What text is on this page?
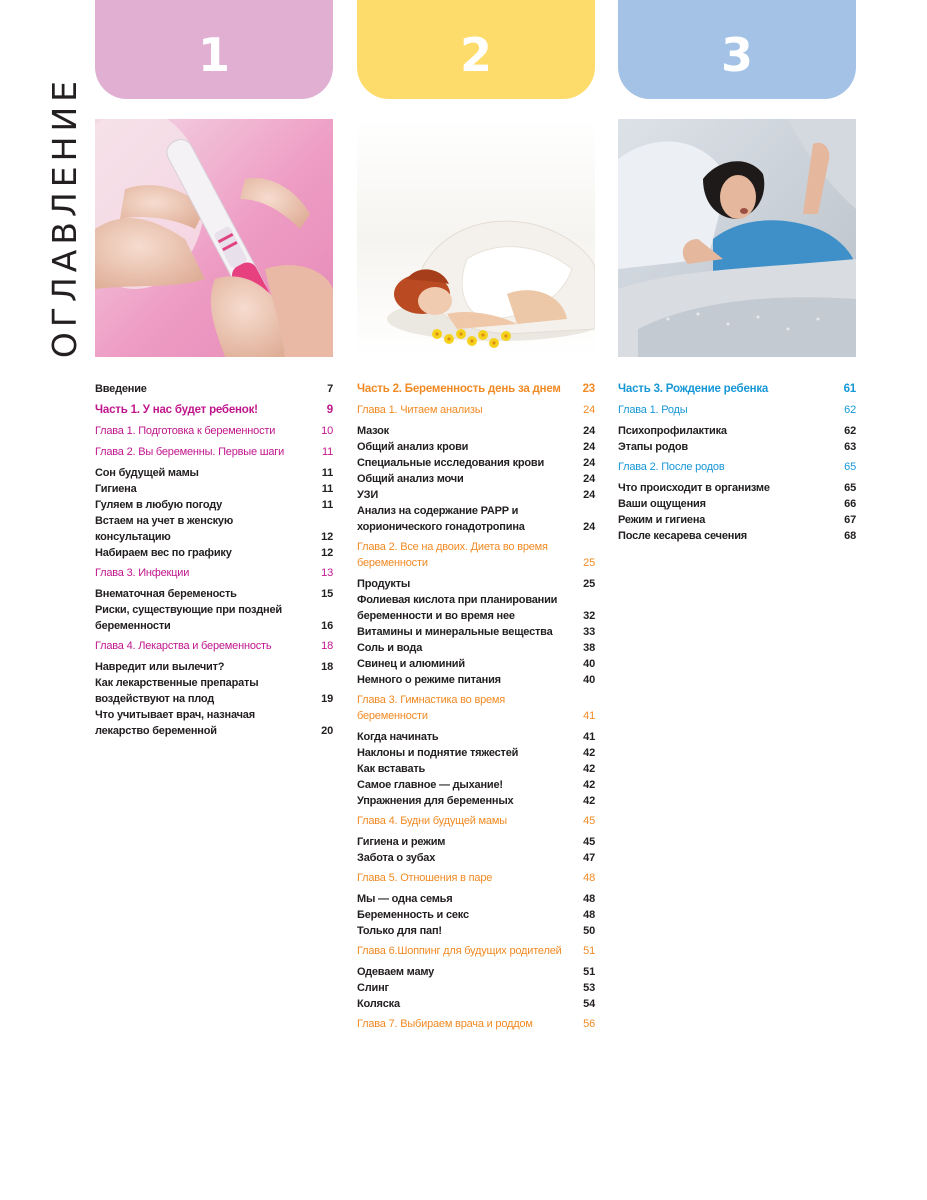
ОГЛАВЛЕНИЕ
1	2	3
Введение	7
Часть 1. У нас будет ребенок!	9
Глава 1. Подготовка к беременности	10
Глава 2. Вы беременны. Первые шаги	11
Сон будущей мамы	11
Гигиена	11
Гуляем в любую погоду	11
Встаем на учет в женскую консультацию	12
Набираем вес по графику	12
Глава 3. Инфекции	13
Внематочная беременость	15
Риски, существующие при поздней беременности	16
Глава 4. Лекарства и беременность	18
Навредит или вылечит?	18
Как лекарственные препараты воздействуют на плод	19
Что учитывает врач, назначая лекарство беременной	20
Часть 2. Беременность день за днем	23
Глава 1. Читаем анализы	24
Мазок	24
Общий анализ крови	24
Специальные исследования крови	24
Общий анализ мочи	24
УЗИ	24
Анализ на содержание PAPP и хорионического гонадотропина	24
Глава 2. Все на двоих. Диета во время беременности	25
Продукты	25
Фолиевая кислота при планировании беременности и во время нее	32
Витамины и минеральные вещества	33
Соль и вода	38
Свинец и алюминий	40
Немного о режиме питания	40
Глава 3. Гимнастика во время беременности	41
Когда начинать	41
Наклоны и поднятие тяжестей	42
Как вставать	42
Самое главное — дыхание!	42
Упражнения для беременных	42
Глава 4. Будни будущей мамы	45
Гигиена и режим	45
Забота о зубах	47
Глава 5. Отношения в паре	48
Мы — одна семья	48
Беременность и секс	48
Только для пап!	50
Глава 6.Шоппинг для будущих родителей	51
Одеваем маму	51
Слинг	53
Коляска	54
Глава 7. Выбираем врача и роддом	56
Часть 3. Рождение ребенка	61
Глава 1. Роды	62
Психопрофилактика	62
Этапы родов	63
Глава 2. После родов	65
Что происходит в организме	65
Ваши ощущения	66
Режим и гигиена	67
После кесарева сечения	68
